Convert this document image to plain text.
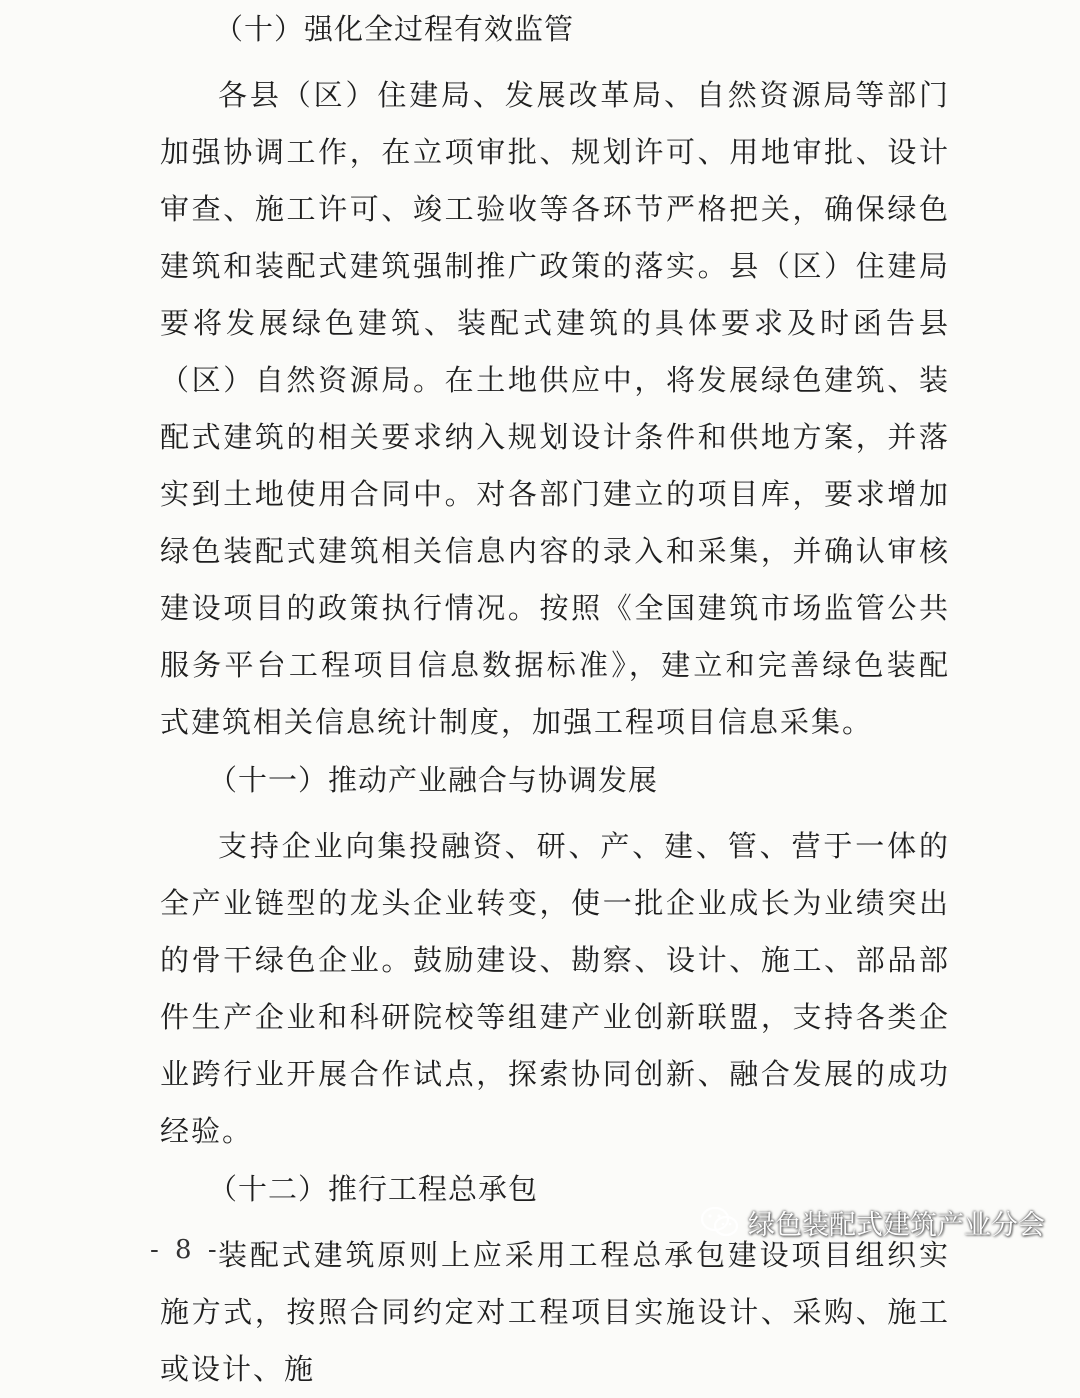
（十）强化全过程有效监管

各县（区）住建局、发展改革局、自然资源局等部门加强协调工作，在立项审批、规划许可、用地审批、设计审查、施工许可、竣工验收等各环节严格把关，确保绿色建筑和装配式建筑强制推广政策的落实。县（区）住建局要将发展绿色建筑、装配式建筑的具体要求及时函告县（区）自然资源局。在土地供应中，将发展绿色建筑、装配式建筑的相关要求纳入规划设计条件和供地方案，并落实到土地使用合同中。对各部门建立的项目库，要求增加绿色装配式建筑相关信息内容的录入和采集，并确认审核建设项目的政策执行情况。按照《全国建筑市场监管公共服务平台工程项目信息数据标准》，建立和完善绿色装配式建筑相关信息统计制度，加强工程项目信息采集。

（十一）推动产业融合与协调发展

支持企业向集投融资、研、产、建、管、营于一体的全产业链型的龙头企业转变，使一批企业成长为业绩突出的骨干绿色企业。鼓励建设、勘察、设计、施工、部品部件生产企业和科研院校等组建产业创新联盟，支持各类企业跨行业开展合作试点，探索协同创新、融合发展的成功经验。

（十二）推行工程总承包

装配式建筑原则上应采用工程总承包建设项目组织实施方式，按照合同约定对工程项目实施设计、采购、施工或设计、施

- 8 -
绿色装配式建筑产业分会
